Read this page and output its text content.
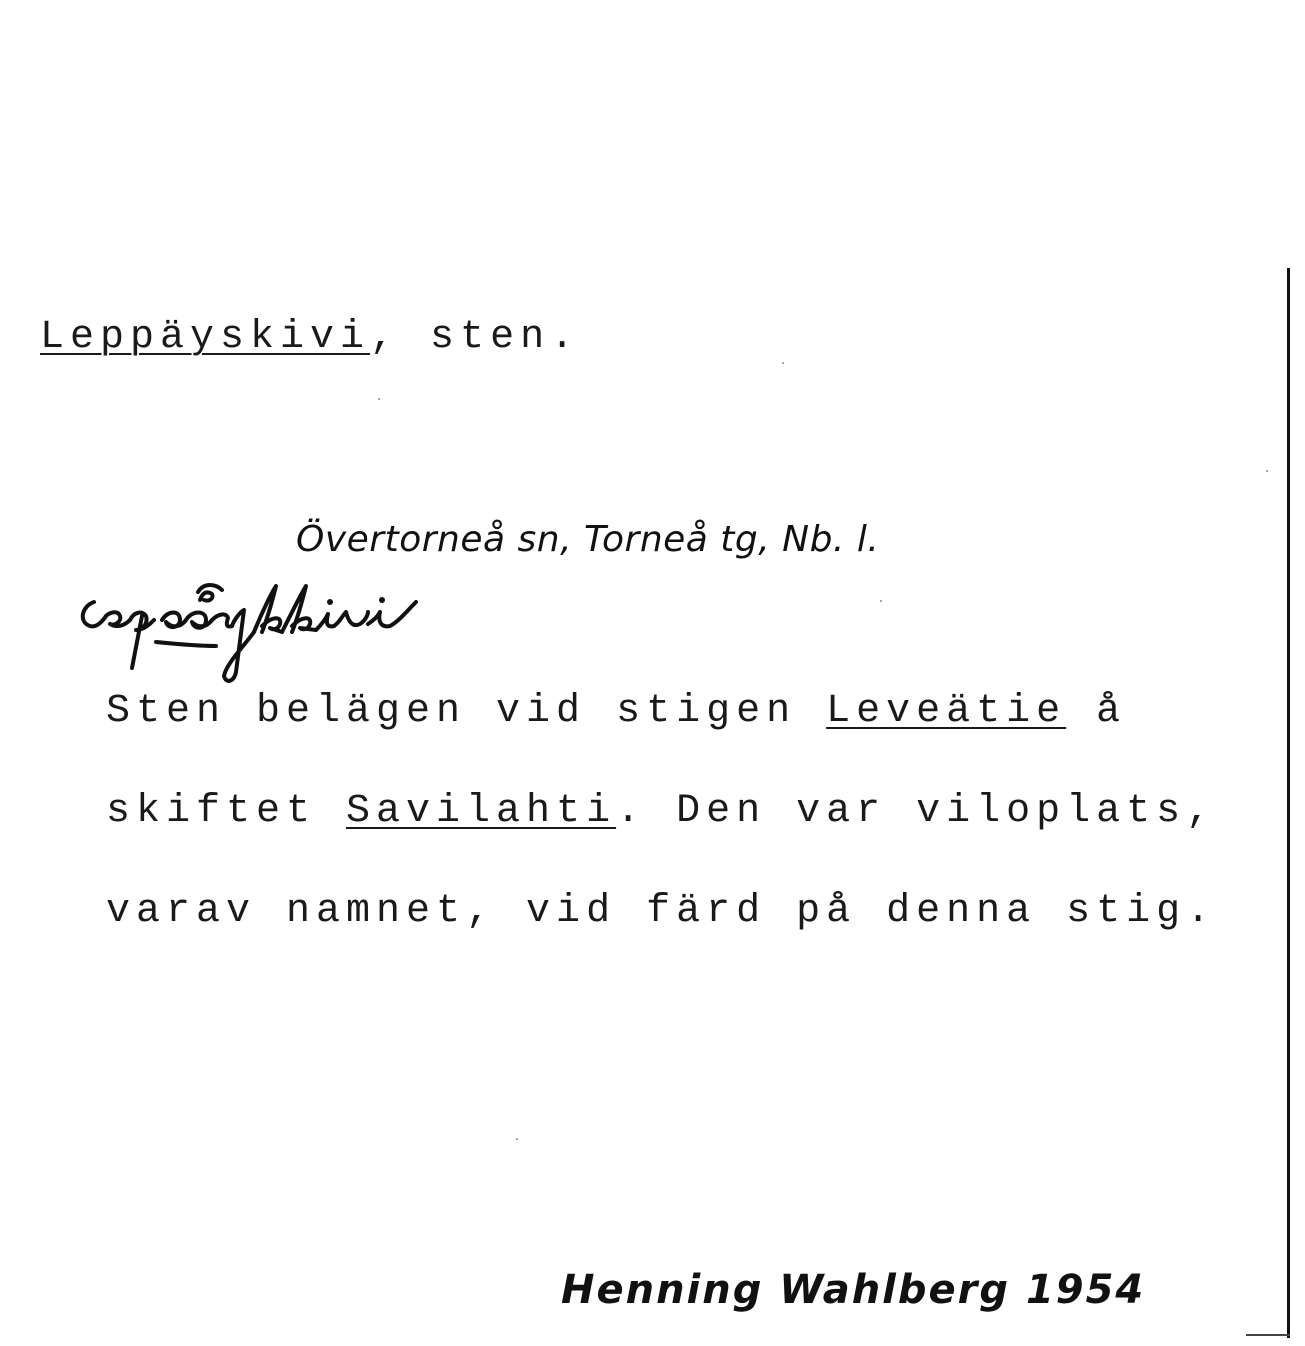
Leppäyskivi, sten.
Övertorneå sn, Torneå tg, Nb. l.
Sten belägen vid stigen Leveätie å
skiftet Savilahti. Den var viloplats,
varav namnet, vid färd på denna stig.
Henning Wahlberg 1954
